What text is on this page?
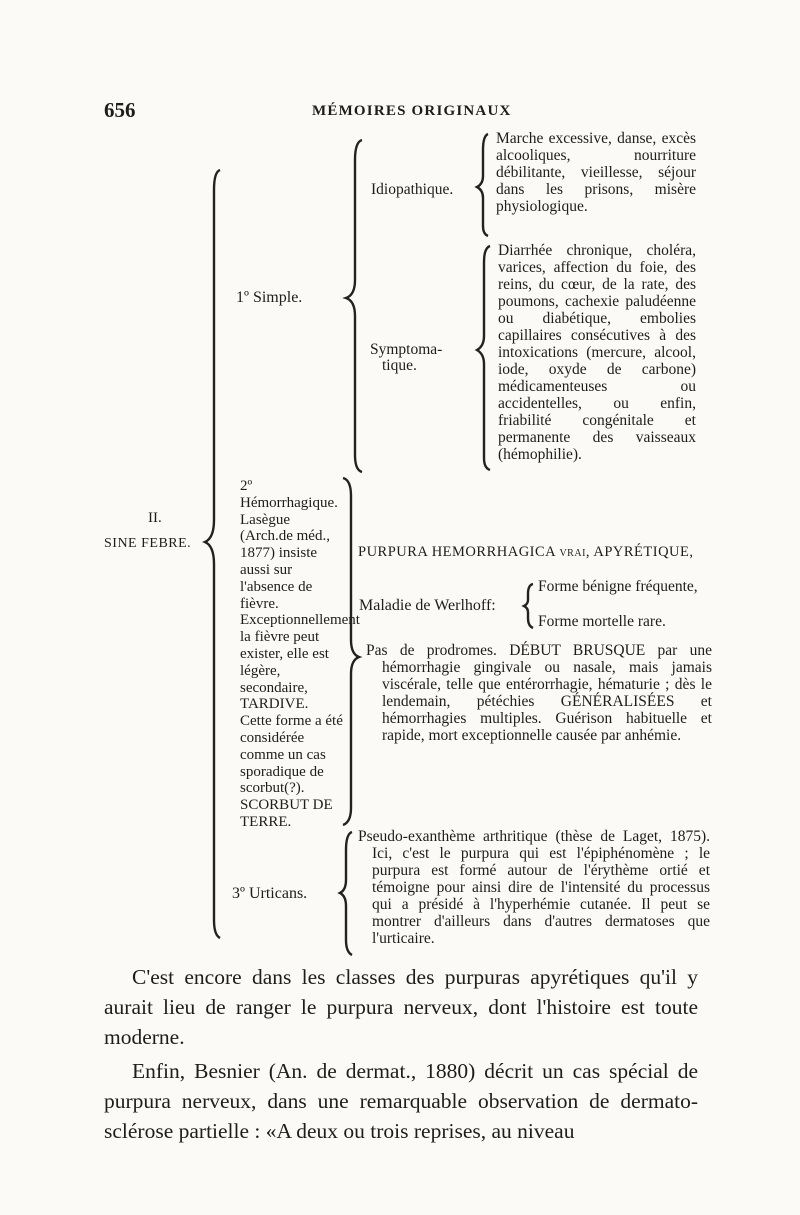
656	MÉMOIRES ORIGINAUX
II.
SINE FEBRE.
1º Simple.
Idiopathique.
Marche excessive, danse, excès alcooliques, nourriture débilitante, vieillesse, séjour dans les prisons, misère physiologique.
Symptoma-
tique.
Diarrhée chronique, choléra, varices, affection du foie, des reins, du cœur, de la rate, des poumons, cachexie paludéenne ou diabétique, embolies capillaires consécutives à des intoxications (mercure, alcool, iode, oxyde de carbone) médicamenteuses ou accidentelles, ou enfin, friabilité congénitale et permanente des vaisseaux (hémophilie).
2º Hémorrhagique. Lasègue (Arch.de méd., 1877) insiste aussi sur l'absence de fièvre. Exceptionnellement la fièvre peut exister, elle est légère, secondaire, TARDIVE. Cette forme a été considérée comme un cas sporadique de scorbut(?). SCORBUT DE TERRE.
PURPURA HEMORRHAGICA vrai, APYRÉTIQUE,
Maladie de Werlhoff:
Forme bénigne fréquente,
Forme mortelle rare.
Pas de prodromes. DÉBUT BRUSQUE par une hémorrhagie gingivale ou nasale, mais jamais viscérale, telle que entérorrhagie, hématurie ; dès le lendemain, pétéchies GÉNÉRALISÉES et hémorrhagies multiples. Guérison habituelle et rapide, mort exceptionnelle causée par anhémie.
3º Urticans.
Pseudo-exanthème arthritique (thèse de Laget, 1875). Ici, c'est le purpura qui est l'épiphénomène ; le purpura est formé autour de l'érythème ortié et témoigne pour ainsi dire de l'intensité du processus qui a présidé à l'hyperhémie cutanée. Il peut se montrer d'ailleurs dans d'autres dermatoses que l'urticaire.
C'est encore dans les classes des purpuras apyrétiques qu'il y aurait lieu de ranger le purpura nerveux, dont l'histoire est toute moderne.
Enfin, Besnier (An. de dermat., 1880) décrit un cas spécial de purpura nerveux, dans une remarquable observation de dermato-sclérose partielle : «A deux ou trois reprises, au niveau
